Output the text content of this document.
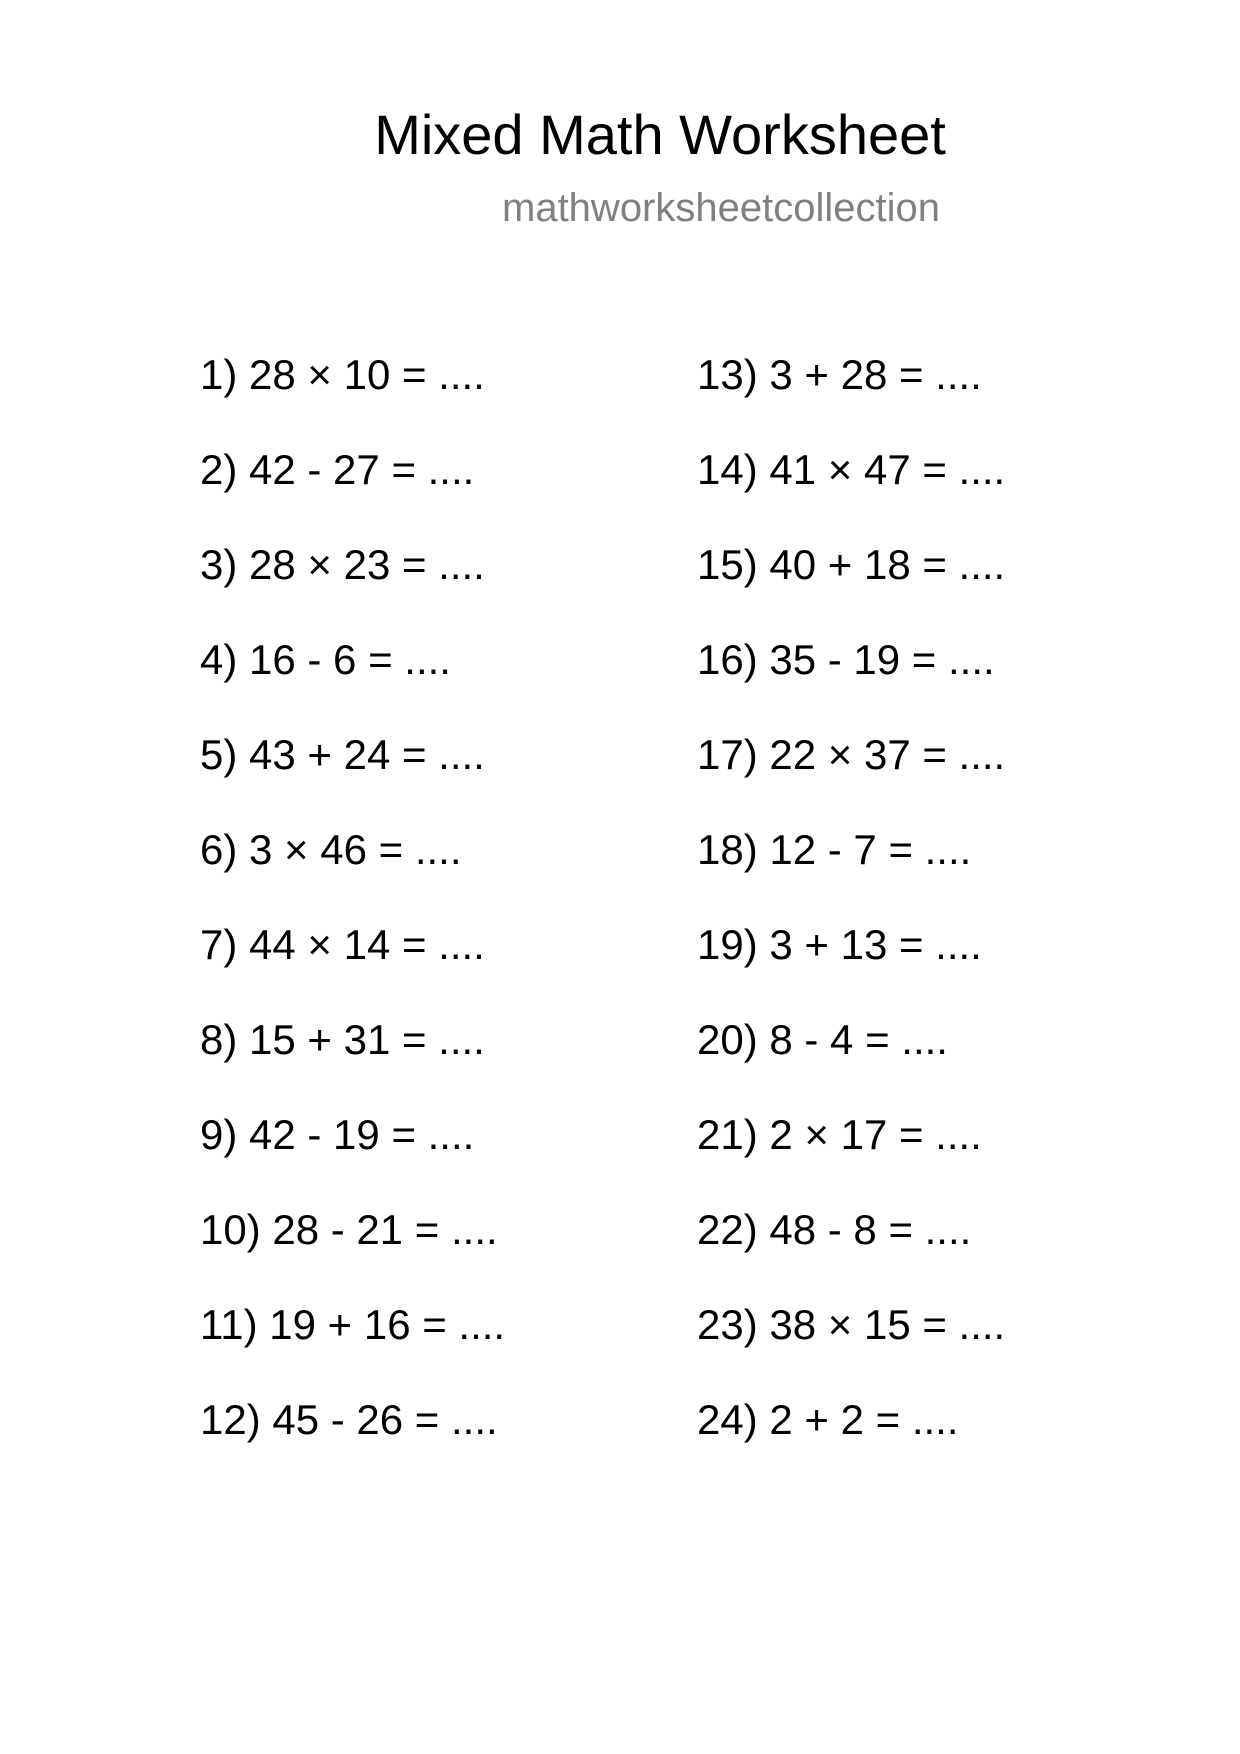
Mixed Math Worksheet
mathworksheetcollection
1) 28 × 10 = ....
2) 42 - 27 = ....
3) 28 × 23 = ....
4) 16 - 6 = ....
5) 43 + 24 = ....
6) 3 × 46 = ....
7) 44 × 14 = ....
8) 15 + 31 = ....
9) 42 - 19 = ....
10) 28 - 21 = ....
11) 19 + 16 = ....
12) 45 - 26 = ....
13) 3 + 28 = ....
14) 41 × 47 = ....
15) 40 + 18 = ....
16) 35 - 19 = ....
17) 22 × 37 = ....
18) 12 - 7 = ....
19) 3 + 13 = ....
20) 8 - 4 = ....
21) 2 × 17 = ....
22) 48 - 8 = ....
23) 38 × 15 = ....
24) 2 + 2 = ....
